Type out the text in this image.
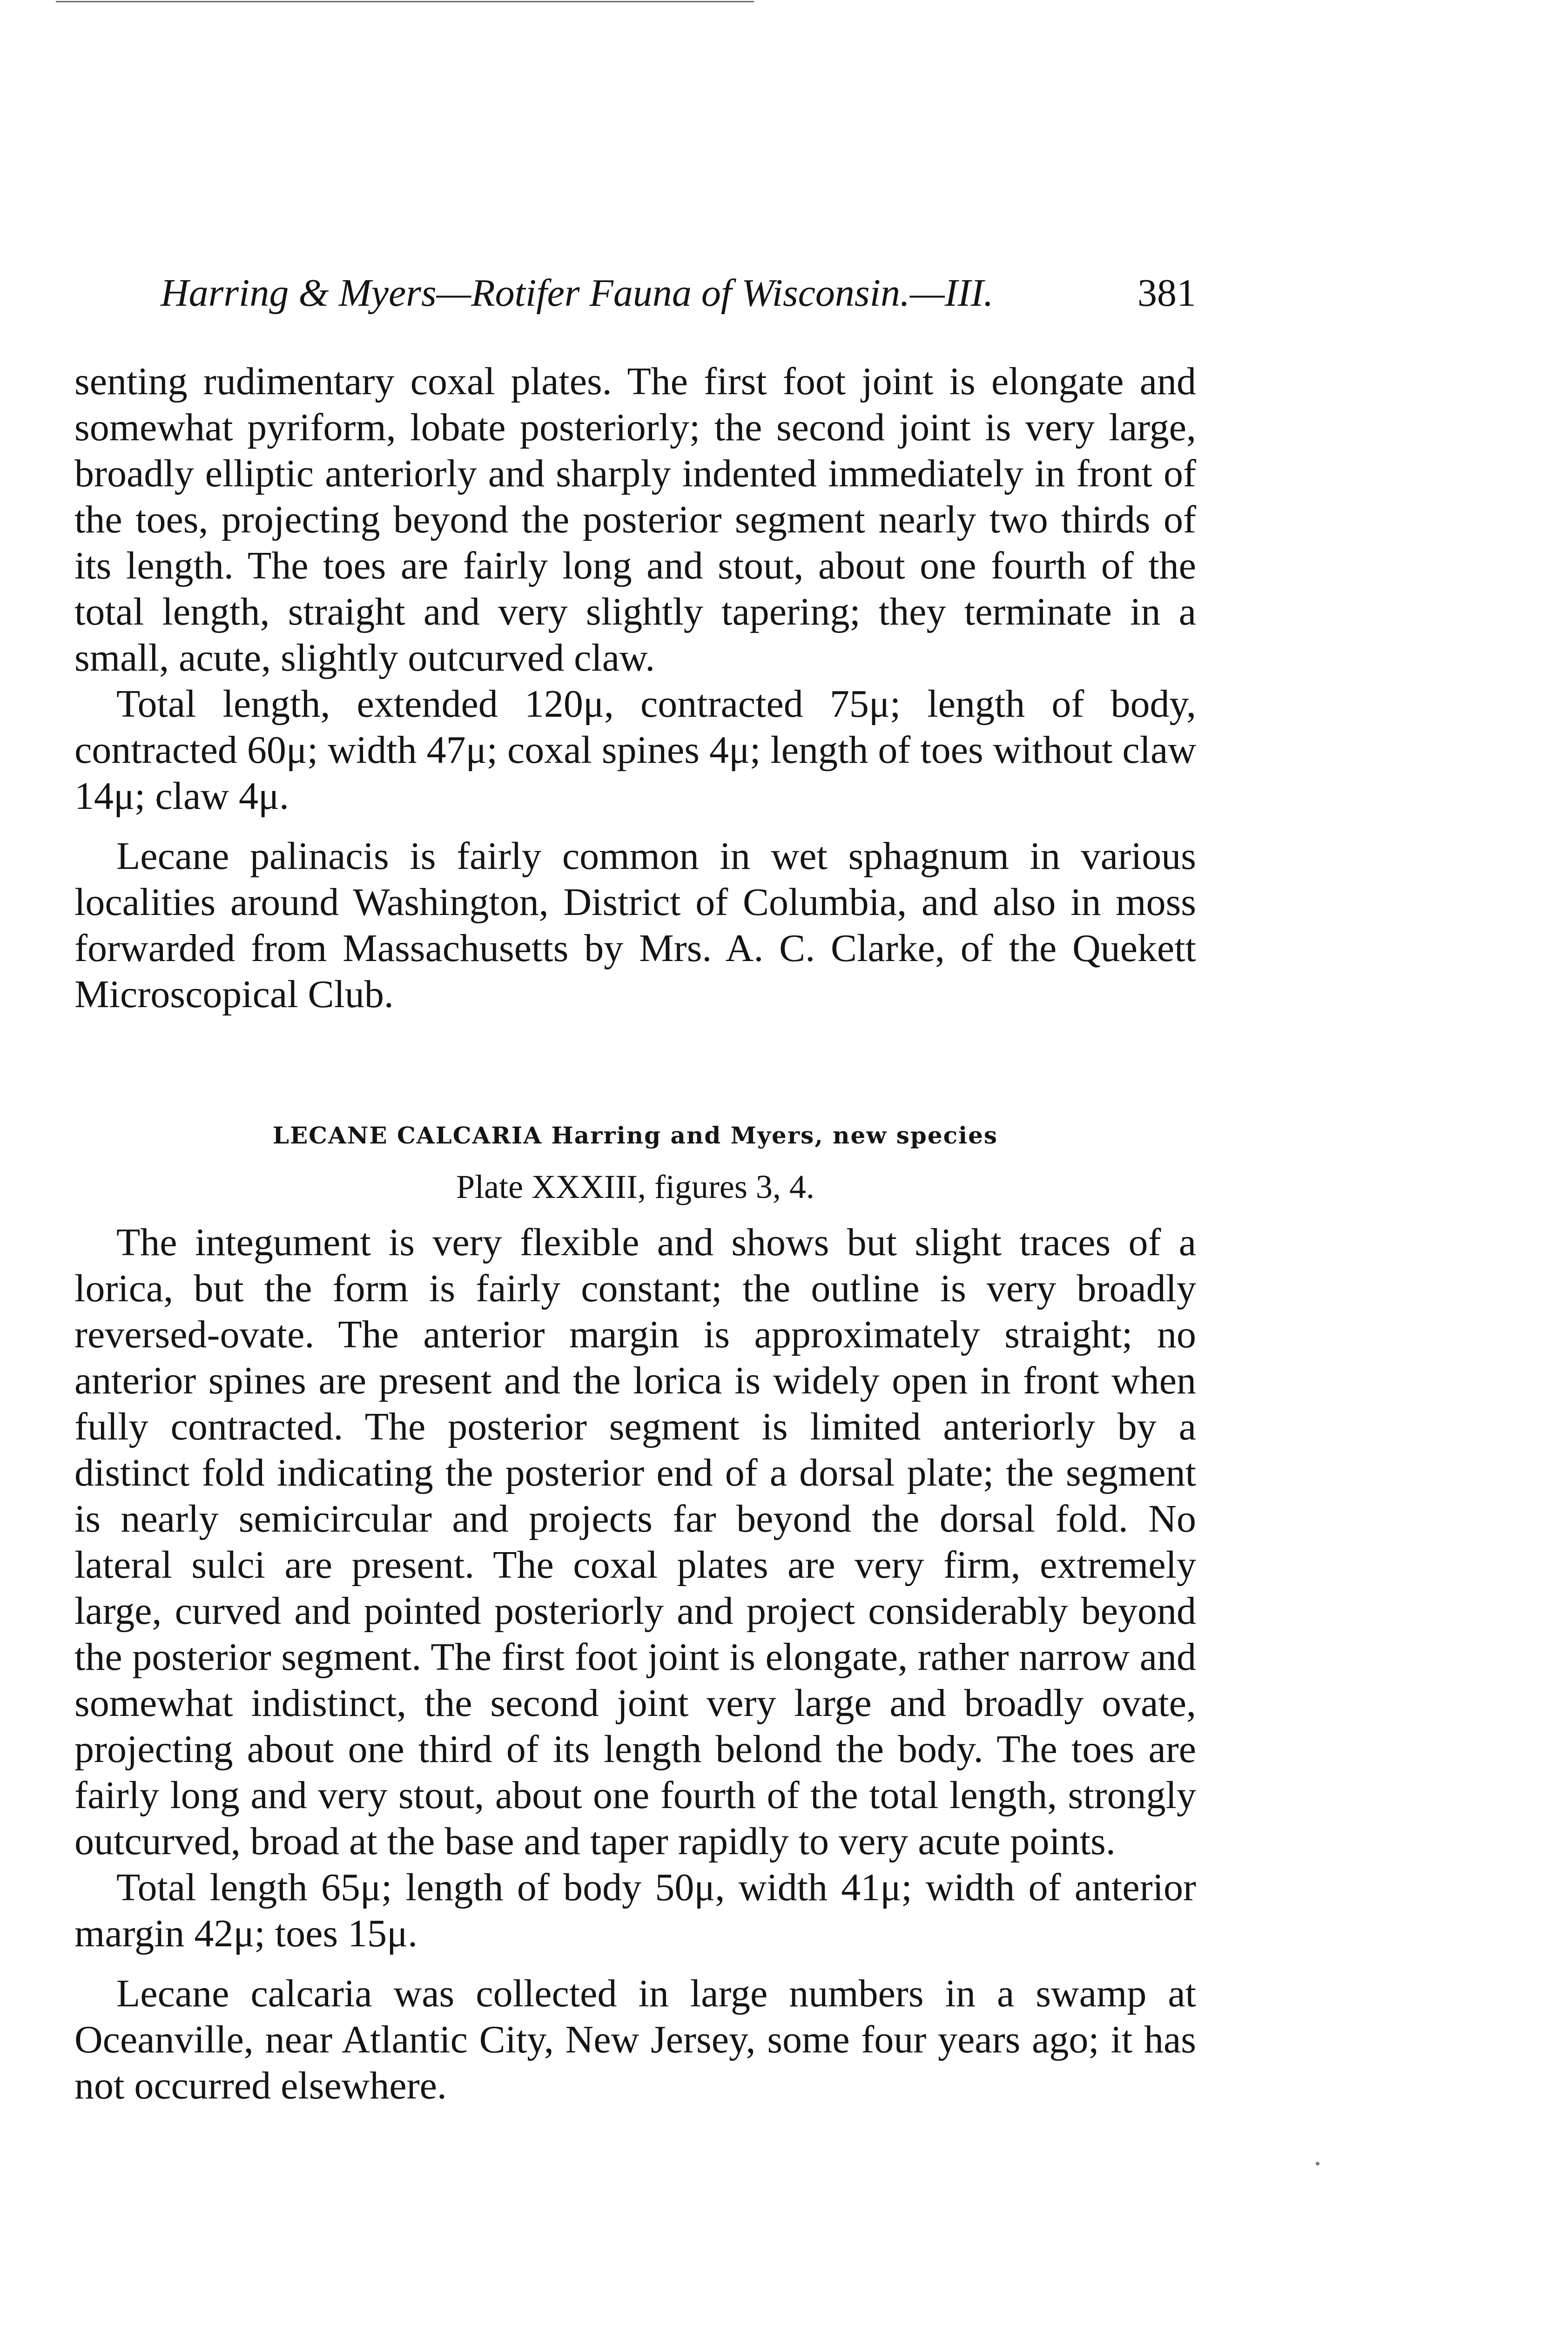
Harring & Myers—Rotifer Fauna of Wisconsin.—III.	381

senting rudimentary coxal plates. The first foot joint is elongate and somewhat pyriform, lobate posteriorly; the second joint is very large, broadly elliptic anteriorly and sharply indented immediately in front of the toes, projecting beyond the posterior segment nearly two thirds of its length. The toes are fairly long and stout, about one fourth of the total length, straight and very slightly tapering; they terminate in a small, acute, slightly outcurved claw.

Total length, extended 120μ, contracted 75μ; length of body, contracted 60μ; width 47μ; coxal spines 4μ; length of toes without claw 14μ; claw 4μ.

Lecane palinacis is fairly common in wet sphagnum in various localities around Washington, District of Columbia, and also in moss forwarded from Massachusetts by Mrs. A. C. Clarke, of the Quekett Microscopical Club.

LECANE CALCARIA Harring and Myers, new species
Plate XXXIII, figures 3, 4.

The integument is very flexible and shows but slight traces of a lorica, but the form is fairly constant; the outline is very broadly reversed-ovate. The anterior margin is approximately straight; no anterior spines are present and the lorica is widely open in front when fully contracted. The posterior segment is limited anteriorly by a distinct fold indicating the posterior end of a dorsal plate; the segment is nearly semicircular and projects far beyond the dorsal fold. No lateral sulci are present. The coxal plates are very firm, extremely large, curved and pointed posteriorly and project considerably beyond the posterior segment. The first foot joint is elongate, rather narrow and somewhat indistinct, the second joint very large and broadly ovate, projecting about one third of its length belond the body. The toes are fairly long and very stout, about one fourth of the total length, strongly outcurved, broad at the base and taper rapidly to very acute points.

Total length 65μ; length of body 50μ, width 41μ; width of anterior margin 42μ; toes 15μ.

Lecane calcaria was collected in large numbers in a swamp at Oceanville, near Atlantic City, New Jersey, some four years ago; it has not occurred elsewhere.
